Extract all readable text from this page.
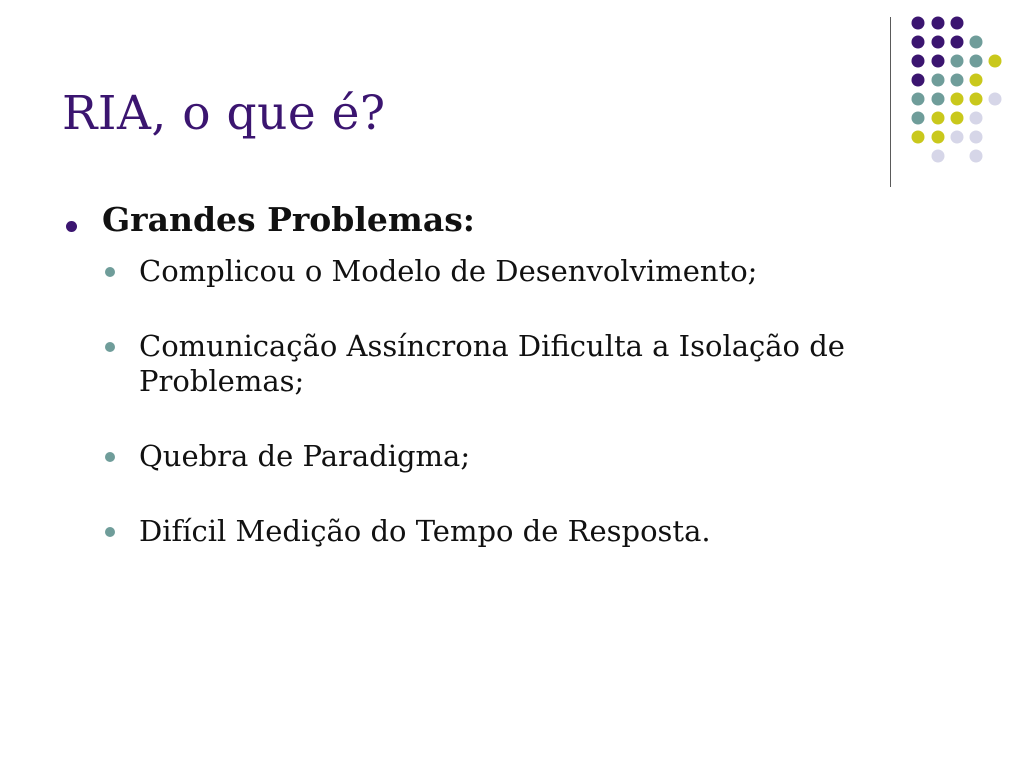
RIA, o que é?
Grandes Problemas:
Complicou o Modelo de Desenvolvimento;
Comunicação Assíncrona Dificulta a Isolação de Problemas;
Quebra de Paradigma;
Difícil Medição do Tempo de Resposta.
